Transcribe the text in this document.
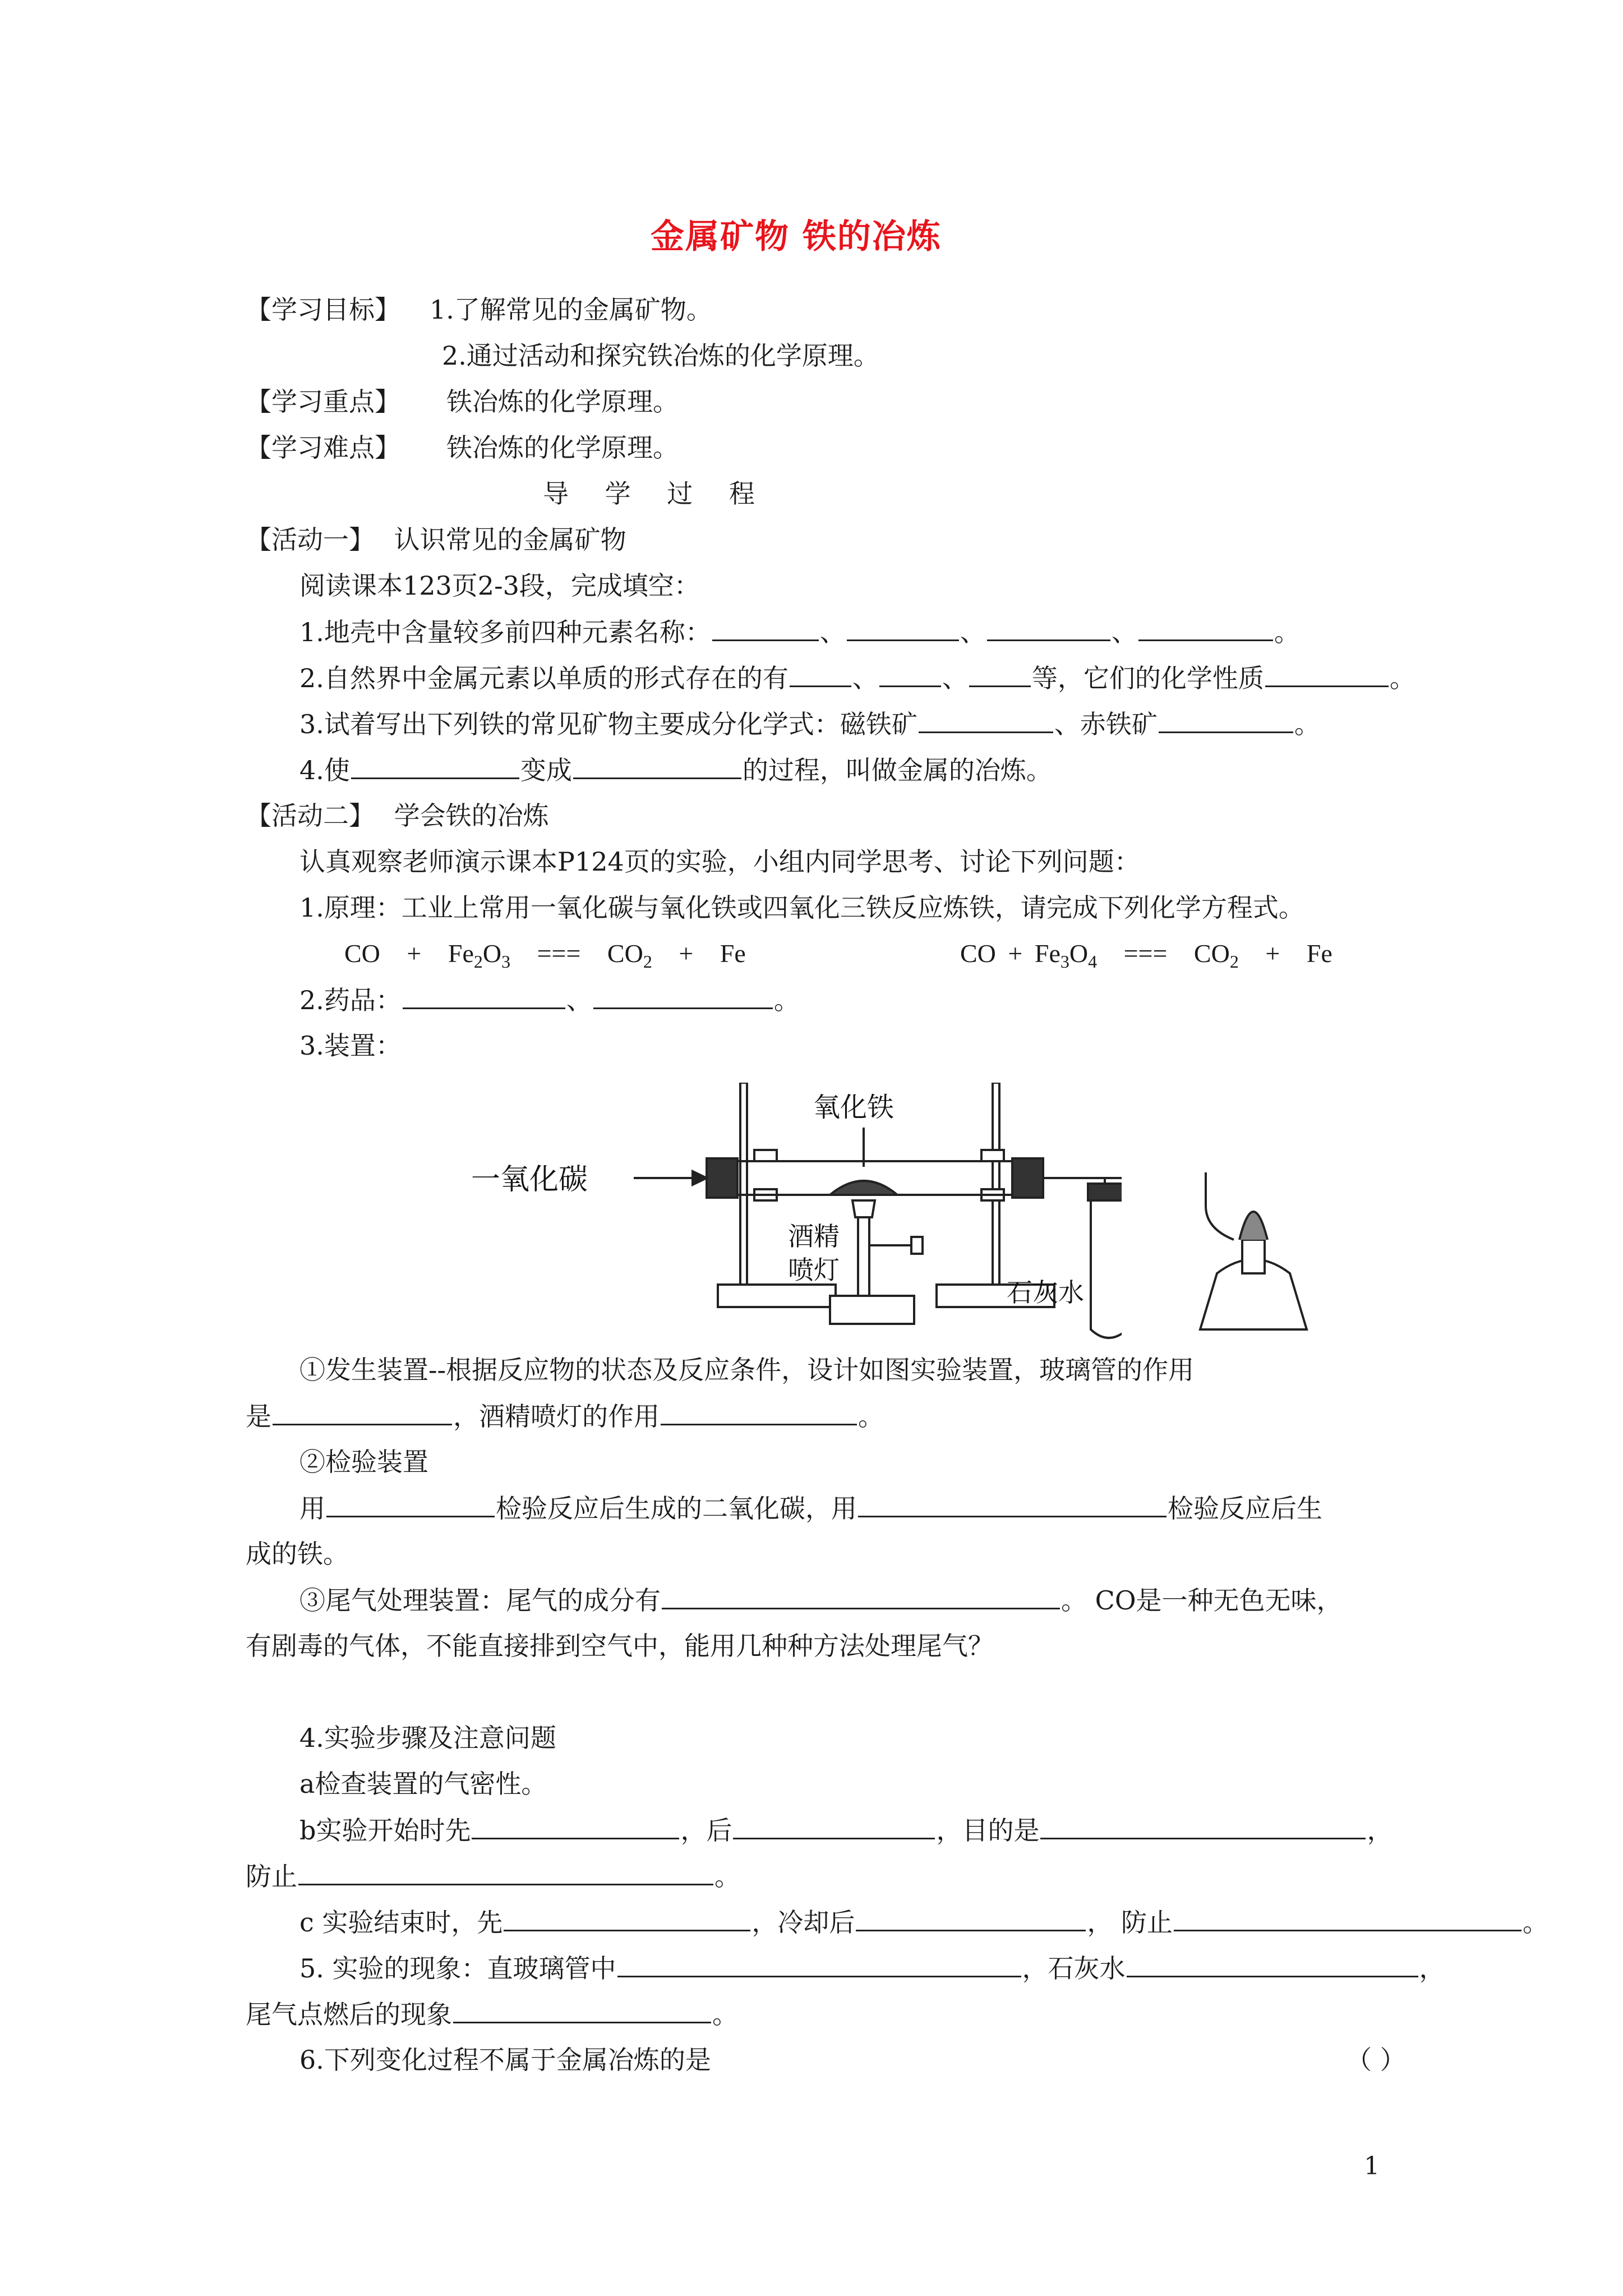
金属矿物 铁的冶炼
【学习目标】 1.了解常见的金属矿物。
2.通过活动和探究铁冶炼的化学原理。
【学习重点】 铁冶炼的化学原理。
【学习难点】 铁冶炼的化学原理。
导 学 过 程
【活动一】 认识常见的金属矿物
阅读课本123页2-3段，完成填空：
1.地壳中含量较多前四种元素名称：	、	、	、	。
2.自然界中金属元素以单质的形式存在的有 、 、 等，它们的化学性质	。
3.试着写出下列铁的常见矿物主要成分化学式：磁铁矿	、赤铁矿	。
4.使	变成	的过程，叫做金属的冶炼。
【活动二】 学会铁的冶炼
认真观察老师演示课本P124页的实验，小组内同学思考、讨论下列问题：
1.原理：工业上常用一氧化碳与氧化铁或四氧化三铁反应炼铁，请完成下列化学方程式。
CO + Fe2O3 === CO2 + Fe	CO + Fe3O4 === CO2 + Fe
2.药品：	、	。
3.装置：
一氧化碳
氧化铁
酒精
喷灯
石灰水
①发生装置--根据反应物的状态及反应条件，设计如图实验装置，玻璃管的作用
是	，酒精喷灯的作用	。
②检验装置
用	检验反应后生成的二氧化碳，用	检验反应后生
成的铁。
③尾气处理装置：尾气的成分有	。 CO是一种无色无味，
有剧毒的气体，不能直接排到空气中，能用几种种方法处理尾气？
4.实验步骤及注意问题
a检查装置的气密性。
b实验开始时先	，后	，目的是	，
防止	。
c 实验结束时，先	，冷却后	， 防止	。
5. 实验的现象：直玻璃管中	，石灰水	，
尾气点燃后的现象	。
6.下列变化过程不属于金属冶炼的是	（ ）
1
